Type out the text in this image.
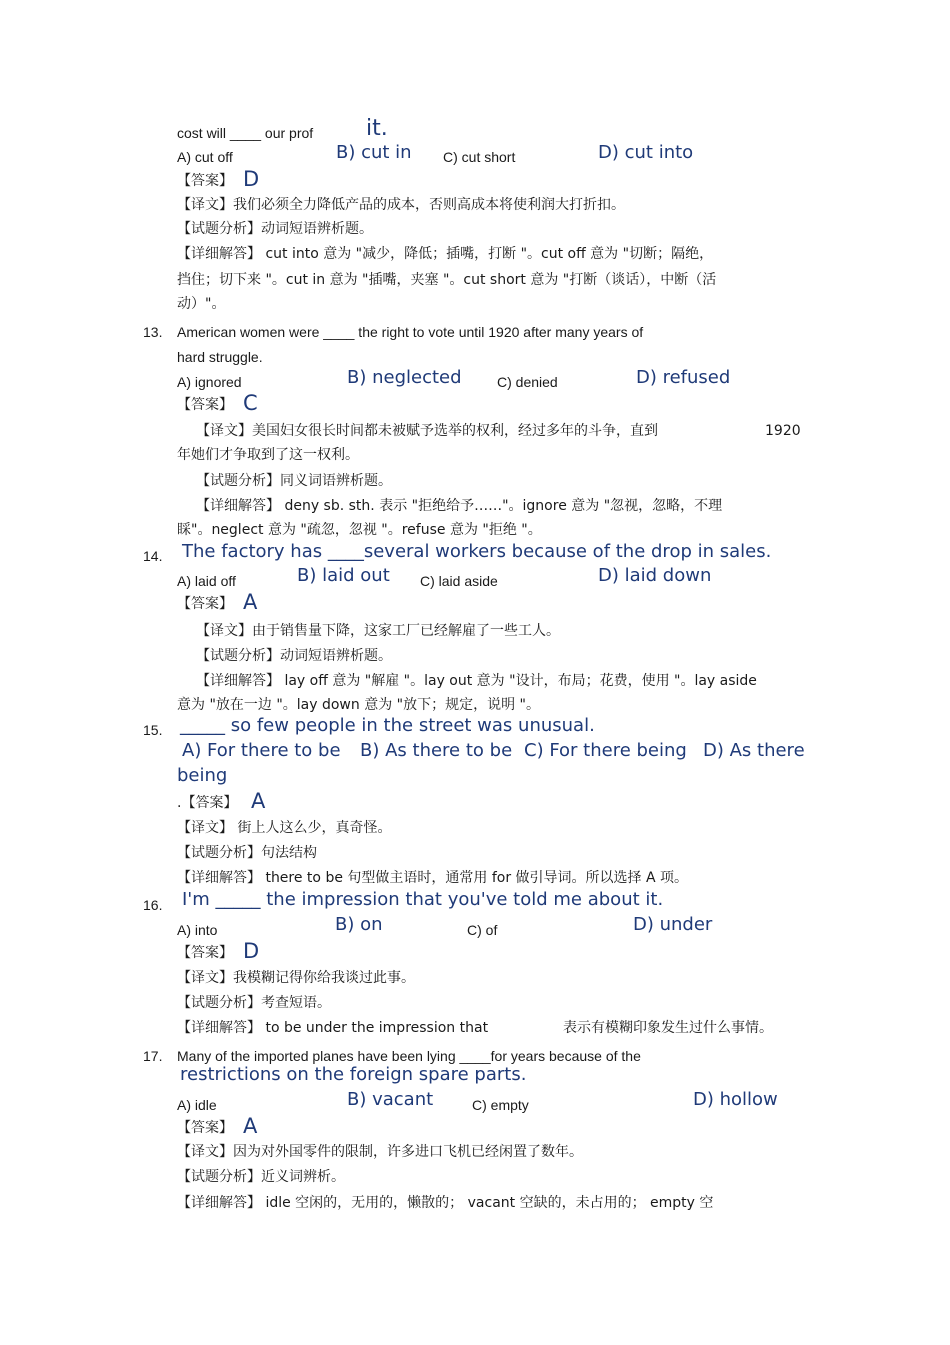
cost will ____ our prof it.
A) cut off	B) cut in C) cut short	D) cut into
【答案】 D
【译文】我们必须全力降低产品的成本，否则高成本将使利润大打折扣。
【试题分析】动词短语辨析题。
【详细解答】 cut into 意为 "减少，降低；插嘴，打断 "。cut off 意为 "切断；隔绝，
挡住；切下来 "。cut in 意为 "插嘴，夹塞 "。cut short 意为 "打断（谈话），中断（活
动）"。
13. American women were ____ the right to vote until 1920 after many years of
hard struggle.
A) ignored	B) neglected	C) denied	D) refused
【答案】 C
【译文】美国妇女很长时间都未被赋予选举的权利，经过多年的斗争，直到	1920
年她们才争取到了这一权利。
【试题分析】同义词语辨析题。
【详细解答】 deny sb. sth. 表示 "拒绝给予……"。ignore 意为 "忽视，忽略，不理
睬"。neglect 意为 "疏忽，忽视 "。refuse 意为 "拒绝 "。
14. The factory has ____several workers because of the drop in sales.
A) laid off	B) laid out C) laid aside	D) laid down
【答案】 A
【译文】由于销售量下降，这家工厂已经解雇了一些工人。
【试题分析】动词短语辨析题。
【详细解答】 lay off 意为 "解雇 "。lay out 意为 "设计，布局；花费，使用 "。lay aside
意为 "放在一边 "。lay down 意为 "放下；规定，说明 "。
15. _____ so few people in the street was unusual.
A) For there to be B) As there to be C) For there being D) As there
being
.【答案】 A
【译文】 街上人这么少，真奇怪。
【试题分析】句法结构
【详细解答】 there to be 句型做主语时，通常用 for 做引导词。所以选择 A 项。
16. I'm _____ the impression that you've told me about it.
A) into	B) on	C) of	D) under
【答案】 D
【译文】我模糊记得你给我谈过此事。
【试题分析】考查短语。
【详细解答】 to be under the impression that	表示有模糊印象发生过什么事情。
17. Many of the imported planes have been lying ____for years because of the
restrictions on the foreign spare parts.
A) idle	B) vacant	C) empty	D) hollow
【答案】 A
【译文】因为对外国零件的限制，许多进口飞机已经闲置了数年。
【试题分析】近义词辨析。
【详细解答】 idle 空闲的，无用的，懒散的； vacant 空缺的，未占用的； empty 空
